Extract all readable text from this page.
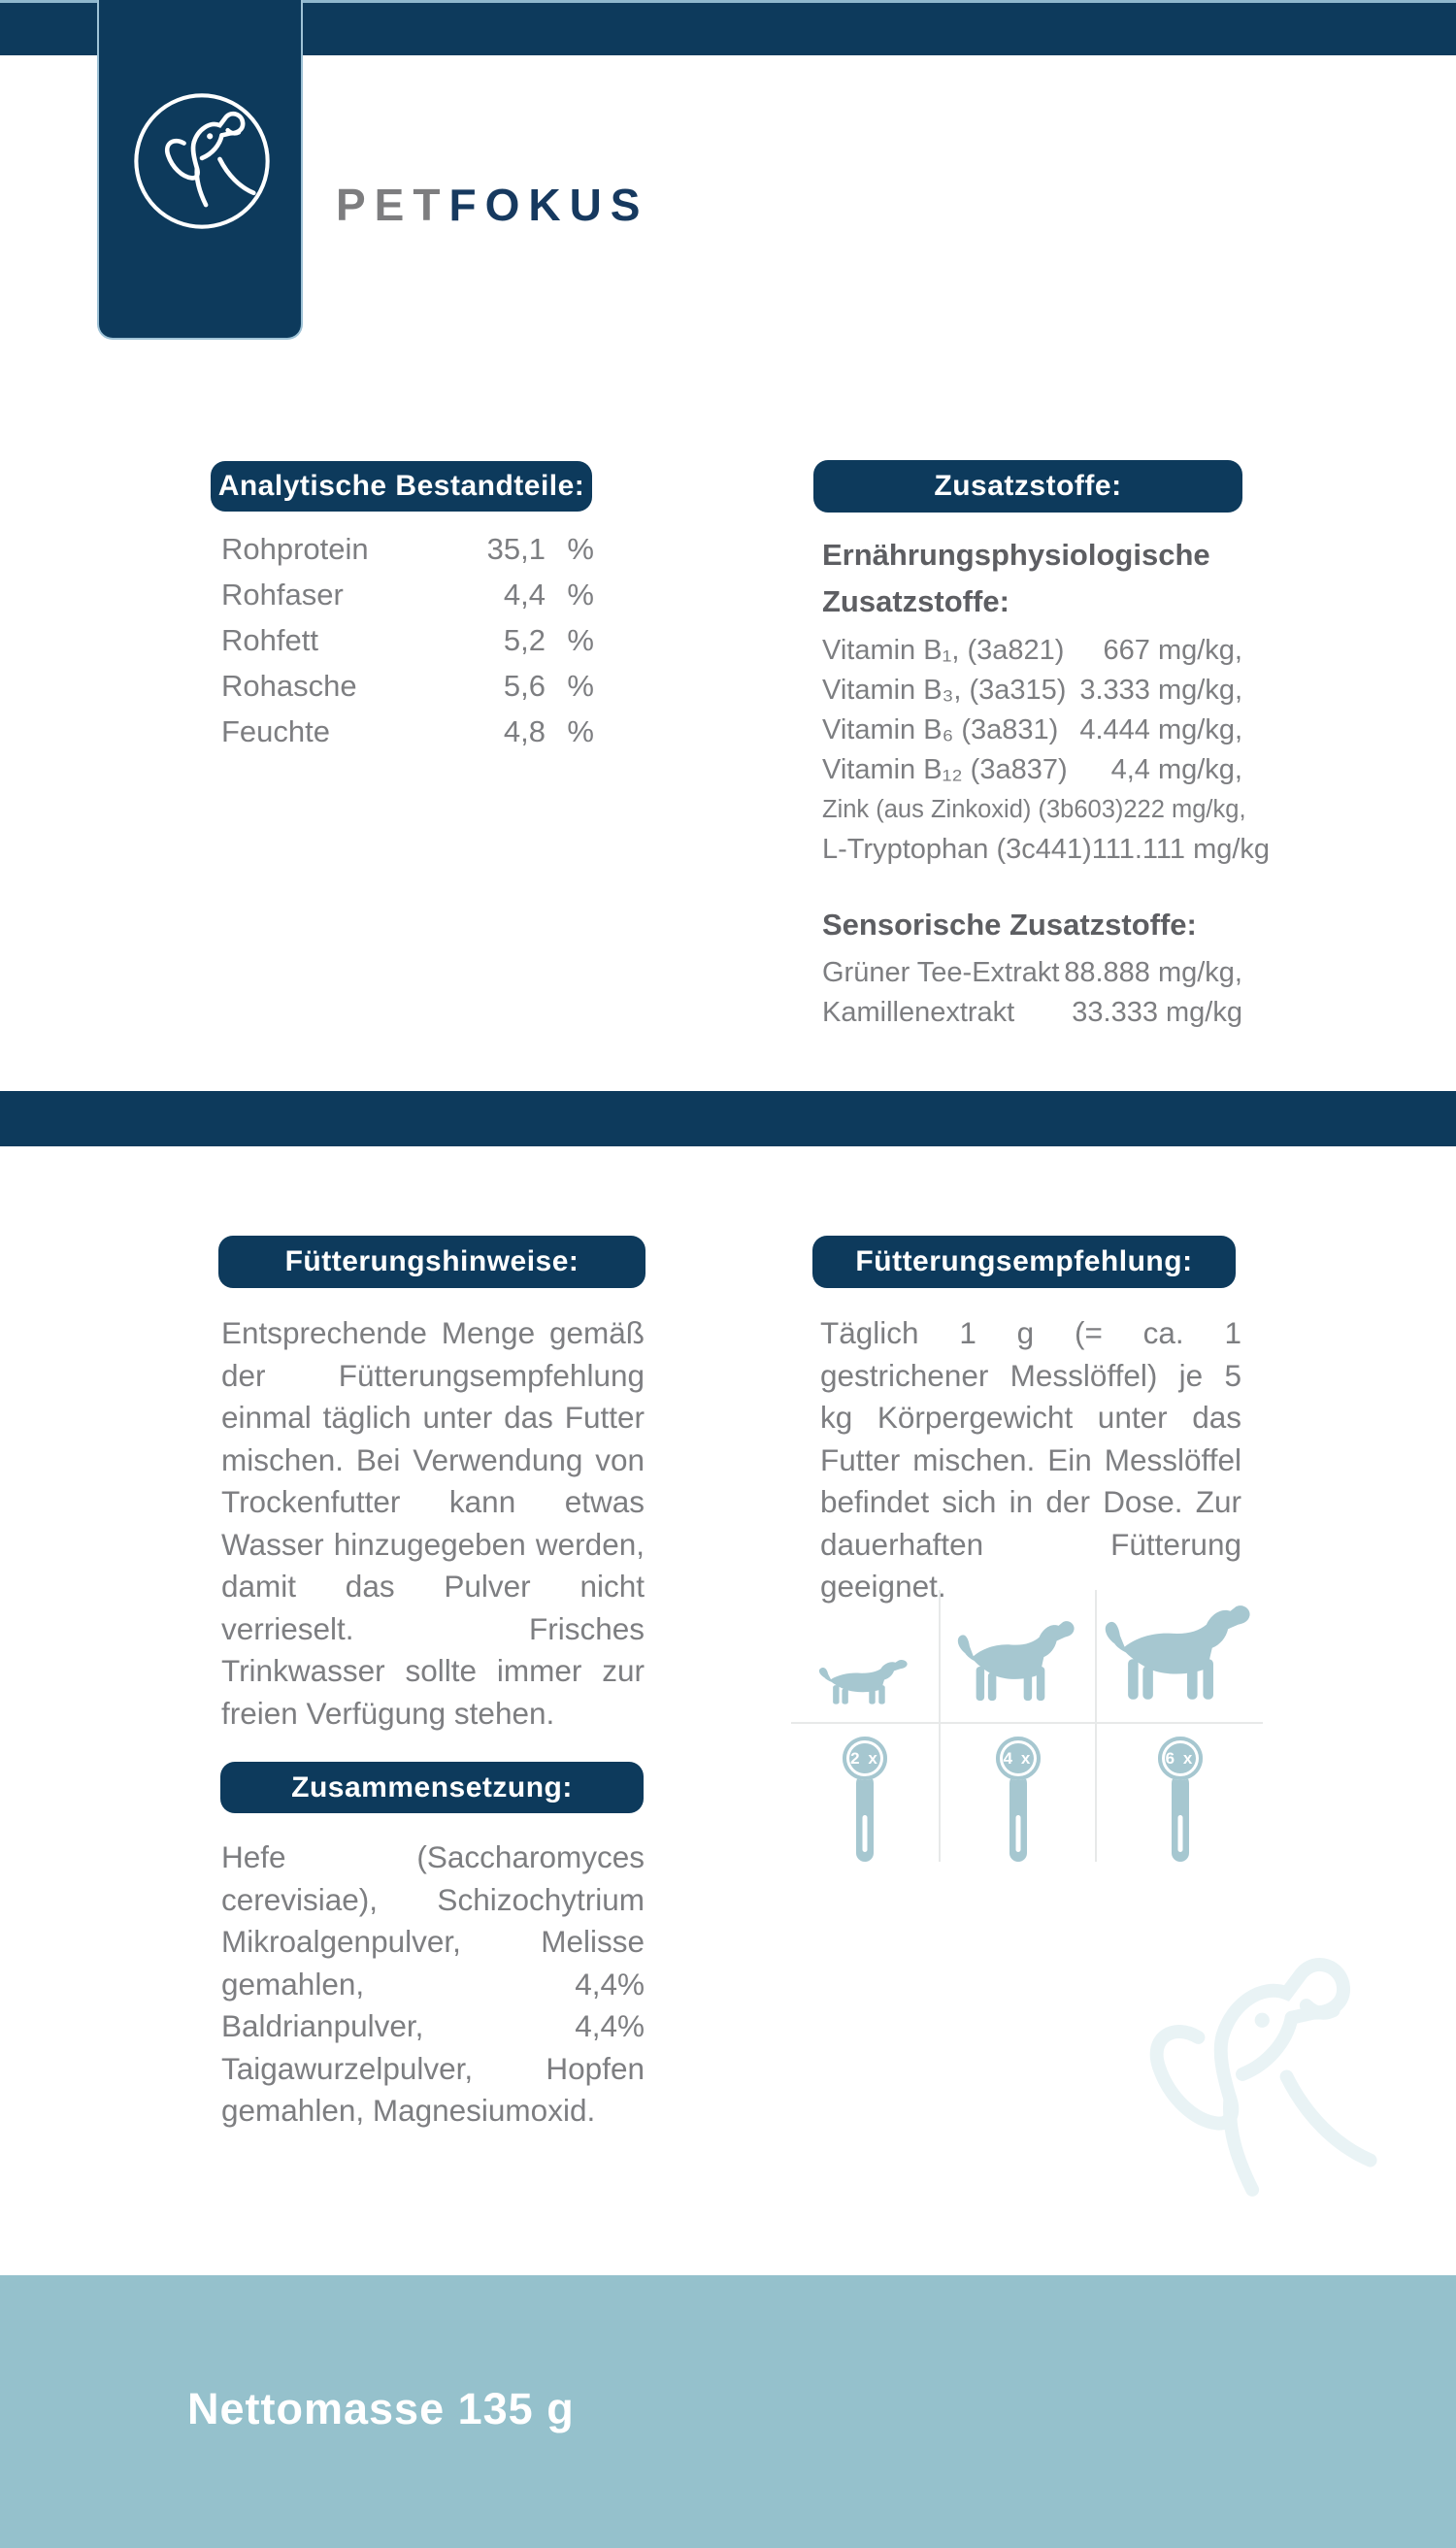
PETFOKUS
Analytische Bestandteile:	Zusatzstoffe:
Fütterungshinweise:	Fütterungsempfehlung:
Zusammensetzung:
Rohprotein	35,1 %
Rohfaser	4,4 %
Rohfett	5,2 %
Rohasche	5,6 %
Feuchte	4,8 %
Ernährungsphysiologische Zusatzstoffe:
Vitamin B₁, (3a821) 667 mg/kg,
Vitamin B₃, (3a315) 3.333 mg/kg,
Vitamin B₆ (3a831) 4.444 mg/kg,
Vitamin B₁₂ (3a837) 4,4 mg/kg,
Zink (aus Zinkoxid) (3b603) 222 mg/kg,
L-Tryptophan (3c441) 111.111 mg/kg
Sensorische Zusatzstoffe:
Grüner Tee-Extrakt 88.888 mg/kg,
Kamillenextrakt 33.333 mg/kg
Entsprechende Menge gemäß der Fütterungsempfehlung einmal täglich unter das Futter mischen. Bei Verwendung von Trockenfutter kann etwas Wasser hinzugegeben werden, damit das Pulver nicht verrieselt. Frisches Trinkwasser sollte immer zur freien Verfügung stehen.
Täglich 1 g (= ca. 1 gestrichener Messlöffel) je 5 kg Körpergewicht unter das Futter mischen. Ein Messlöffel befindet sich in der Dose. Zur dauerhaften Fütterung geeignet.
Hefe (Saccharomyces cerevisiae), Schizochytrium Mikroalgenpulver, Melisse gemahlen, 4,4% Baldrianpulver, 4,4% Taigawurzelpulver, Hopfen gemahlen, Magnesiumoxid.
2 x	4 x	6 x
Nettomasse 135 g
